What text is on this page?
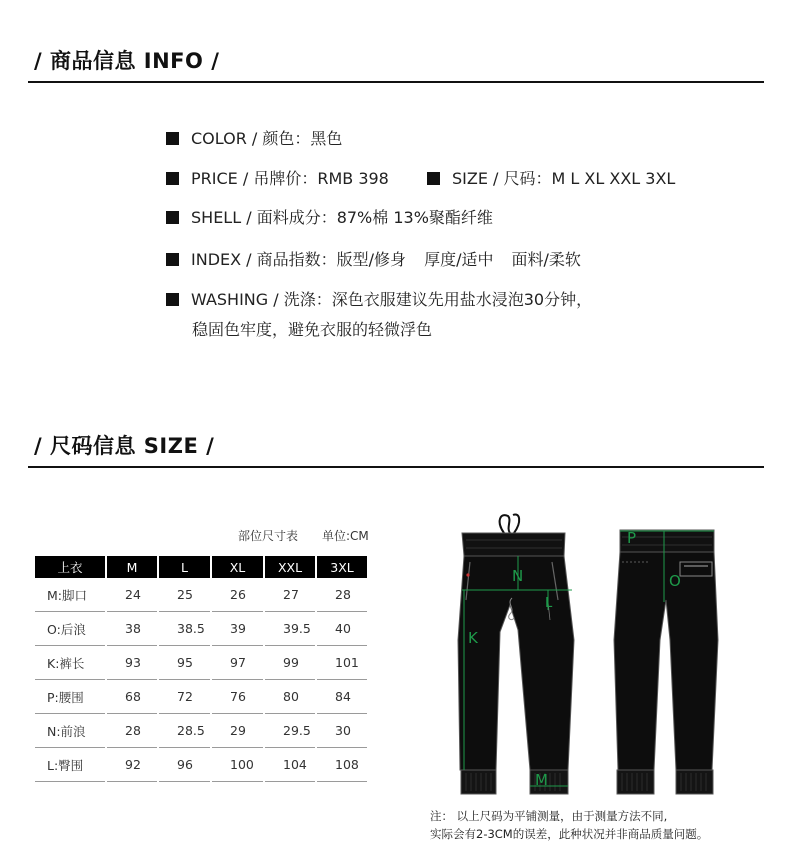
/ 商品信息 INFO /
COLOR / 颜色：黑色
PRICE / 吊牌价：RMB 398	SIZE / 尺码：M L XL XXL 3XL
SHELL / 面料成分：87%棉 13%聚酯纤维
INDEX / 商品指数：版型/修身 厚度/适中 面料/柔软
WASHING / 洗涤：深色衣服建议先用盐水浸泡30分钟，
稳固色牢度，避免衣服的轻微浮色
/ 尺码信息 SIZE /
部位尺寸表 单位:CM
上衣	M	L	XL	XXL	3XL
M:脚口	24	25	26	27	28
O:后浪	38	38.5	39	39.5	40
K:裤长	93	95	97	99	101
P:腰围	68	72	76	80	84
N:前浪	28	28.5	29	29.5	30
L:臀围	92	96	100	104	108
N
L
K
M
P
O
注： 以上尺码为平铺测量，由于测量方法不同,
实际会有2-3CM的误差，此种状况并非商品质量问题。
